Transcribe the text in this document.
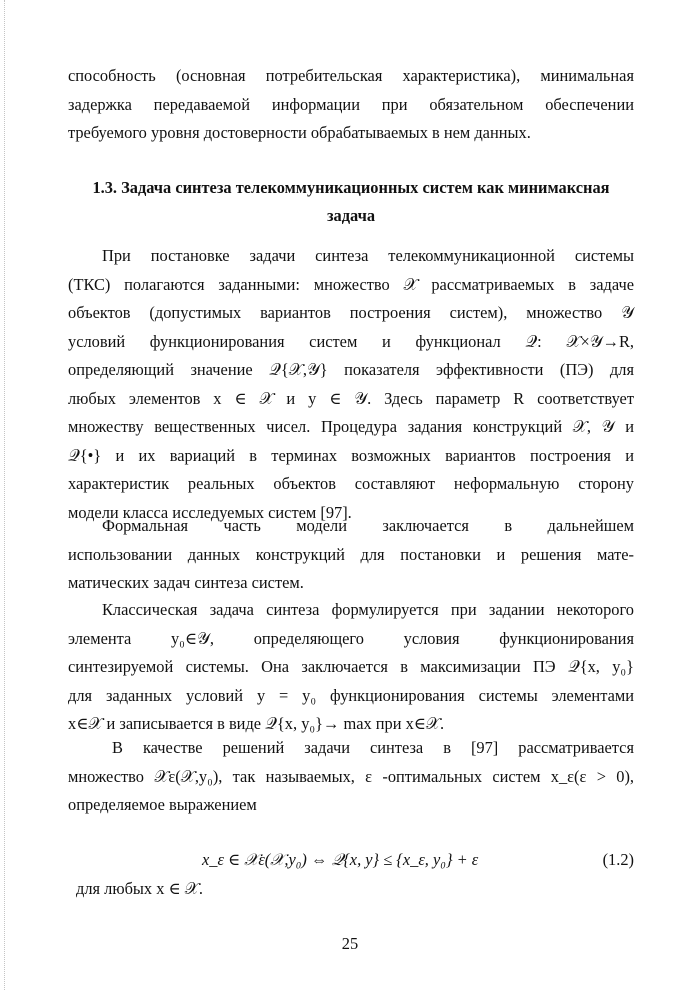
способность (основная потребительская характеристика), минимальная
задержка передаваемой информации при обязательном обеспечении
требуемого уровня достоверности обрабатываемых в нем данных.
1.3. Задача синтеза телекоммуникационных систем как минимаксная
задача
При постановке задачи синтеза телекоммуникационной системы
(ТКС) полагаются заданными: множество 𝒳 рассматриваемых в задаче
объектов (допустимых вариантов построения систем), множество 𝒴
условий функционирования систем и функционал 𝒬: 𝒳×𝒴→R,
определяющий значение 𝒬{𝒳,𝒴} показателя эффективности (ПЭ) для
любых элементов x ∈ 𝒳 и y ∈ 𝒴. Здесь параметр R соответствует
множеству вещественных чисел. Процедура задания конструкций 𝒳, 𝒴 и
𝒬{•} и их вариаций в терминах возможных вариантов построения и
характеристик реальных объектов составляют неформальную сторону
модели класса исследуемых систем [97].
Формальная часть модели заключается в дальнейшем
использовании данных конструкций для постановки и решения мате-
матических задач синтеза систем.
Классическая задача синтеза формулируется при задании некоторого
элемента y₀∈𝒴, определяющего условия функционирования
синтезируемой системы. Она заключается в максимизации ПЭ 𝒬{x, y₀}
для заданных условий y = y₀ функционирования системы элементами
x∈𝒳 и записывается в виде 𝒬{x, y₀}→ max при x∈𝒳.
В качестве решений задачи синтеза в [97] рассматривается
множество 𝒳ε(𝒳,y₀), так называемых, ε -оптимальных систем x_ε(ε > 0),
определяемое выражением
x_ε ∈ 𝒳ε(𝒳,y₀) ⇔ 𝒬{x, y} ≤ {x_ε, y₀} + ε	(1.2)
для любых x ∈ 𝒳.
25
